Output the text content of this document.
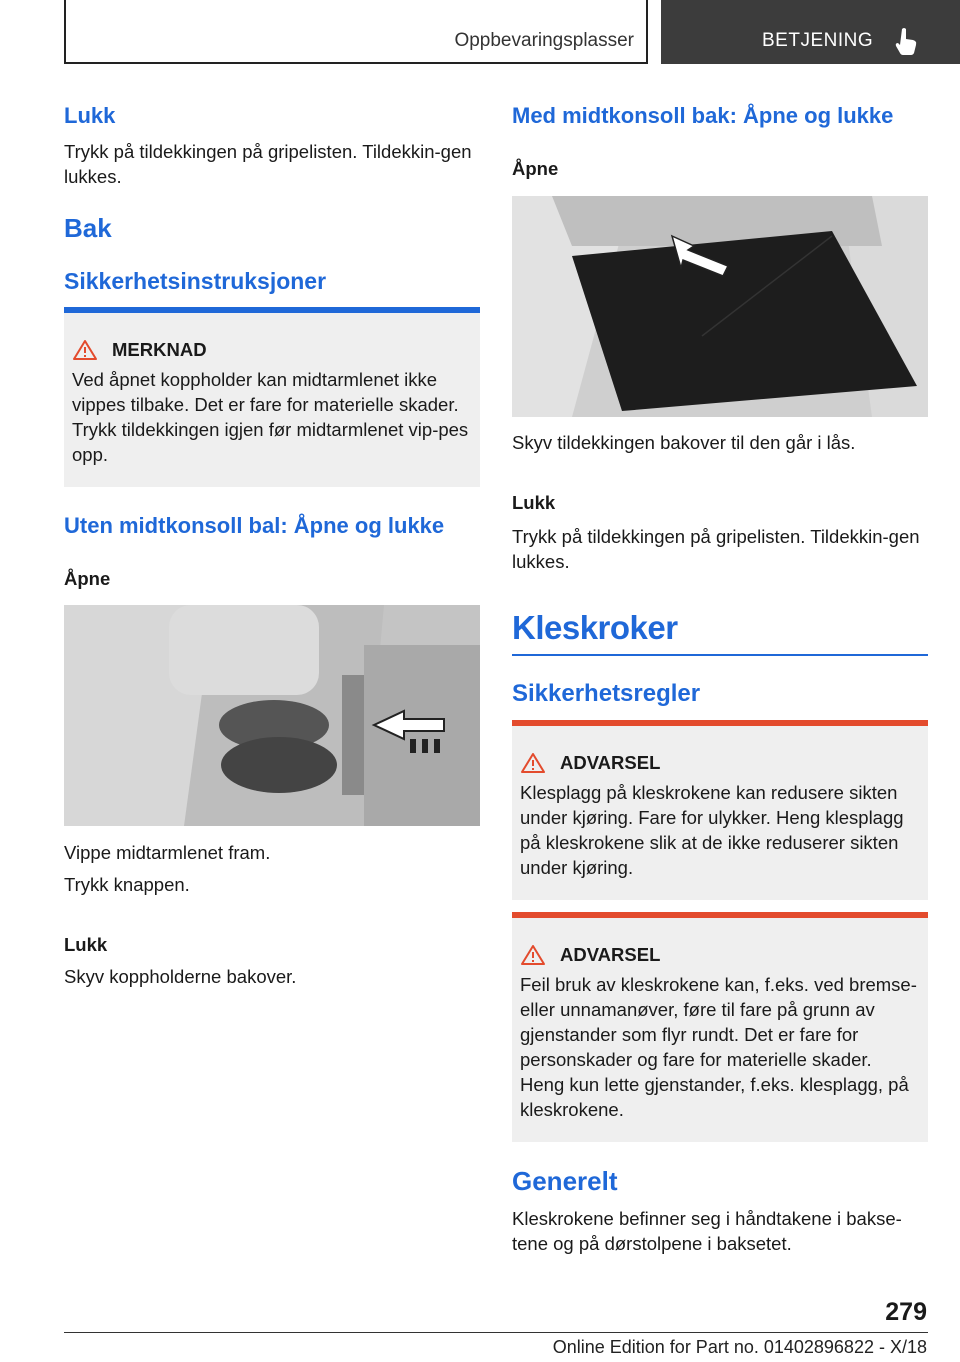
Oppbevaringsplasser	BETJENING
Lukk

Trykk på tildekkingen på gripelisten. Tildekkin-gen lukkes.

Bak
Sikkerhetsinstruksjoner
MERKNAD
Ved åpnet koppholder kan midtarmlenet ikke vippes tilbake. Det er fare for materielle skader. Trykk tildekkingen igjen før midtarmlenet vip-pes opp.
Uten midtkonsoll bal: Åpne og lukke
Åpne

Vippe midtarmlenet fram.

Trykk knappen.

Lukk

Skyv koppholderne bakover.

Med midtkonsoll bak: Åpne og lukke
Åpne

Skyv tildekkingen bakover til den går i lås.

Lukk

Trykk på tildekkingen på gripelisten. Tildekkin-gen lukkes.

Kleskroker
Sikkerhetsregler
ADVARSEL
Klesplagg på kleskrokene kan redusere sikten under kjøring. Fare for ulykker. Heng klesplagg på kleskrokene slik at de ikke reduserer sikten under kjøring.
ADVARSEL
Feil bruk av kleskrokene kan, f.eks. ved bremse- eller unnamanøver, føre til fare på grunn av gjenstander som flyr rundt. Det er fare for personskader og fare for materielle skader. Heng kun lette gjenstander, f.eks. klesplagg, på kleskrokene.
Generelt

Kleskrokene befinner seg i håndtakene i bakse-tene og på dørstolpene i baksetet.

279
Online Edition for Part no. 01402896822 - X/18
